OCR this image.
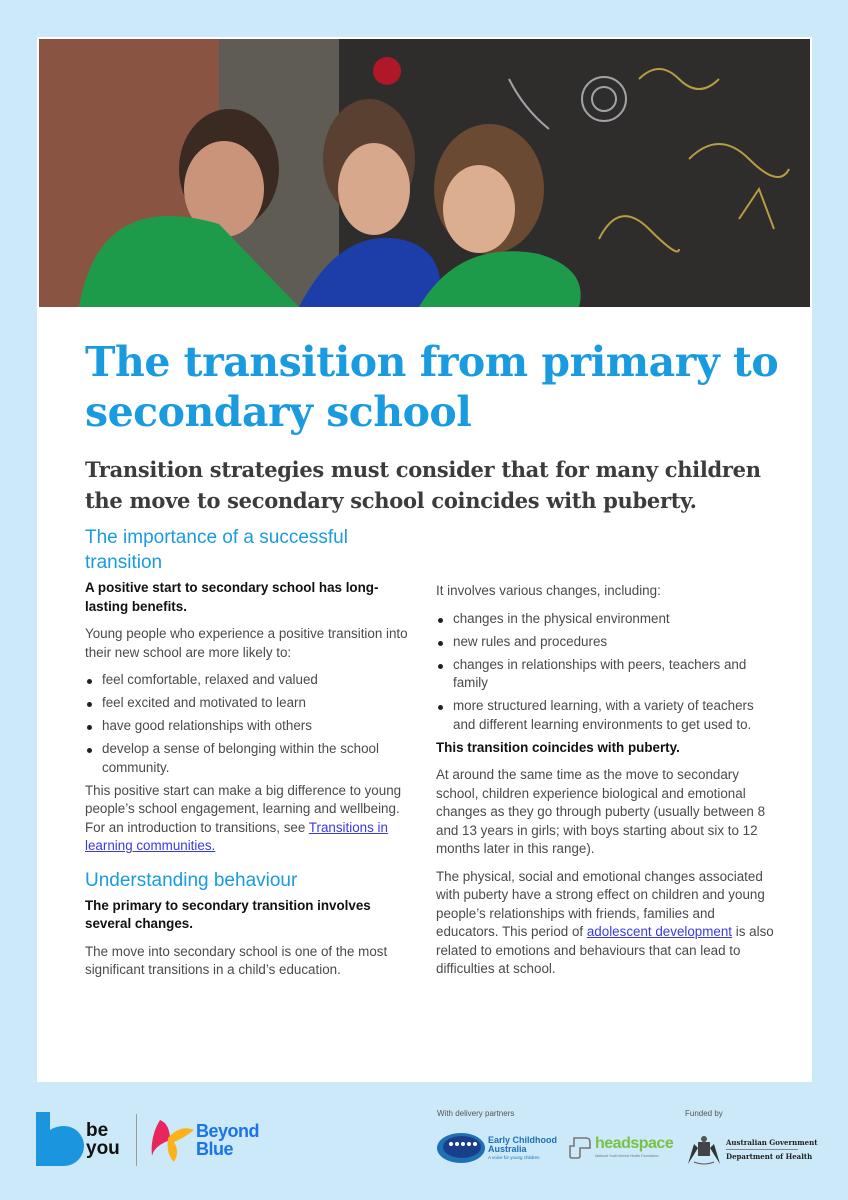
The transition from primary to secondary school
Transition strategies must consider that for many children the move to secondary school coincides with puberty.
The importance of a successful transition
A positive start to secondary school has long-lasting benefits.

Young people who experience a positive transition into their new school are more likely to:

feel comfortable, relaxed and valued
feel excited and motivated to learn
have good relationships with others
develop a sense of belonging within the school community.

This positive start can make a big difference to young people’s school engagement, learning and wellbeing. For an introduction to transitions, see Transitions in learning communities.

Understanding behaviour
The primary to secondary transition involves several changes.

The move into secondary school is one of the most significant transitions in a child’s education.

It involves various changes, including:

changes in the physical environment
new rules and procedures
changes in relationships with peers, teachers and family
more structured learning, with a variety of teachers and different learning environments to get used to.
This transition coincides with puberty.

At around the same time as the move to secondary school, children experience biological and emotional changes as they go through puberty (usually between 8 and 13 years in girls; with boys starting about six to 12 months later in this range).

The physical, social and emotional changes associated with puberty have a strong effect on children and young people’s relationships with friends, families and educators. This period of adolescent development is also related to emotions and behaviours that can lead to difficulties at school.

be
you
Beyond
Blue
With delivery partners
Early Childhood
Australia
A voice for young children
headspace
National Youth Mental Health Foundation
Funded by
Australian Government
Department of Health
